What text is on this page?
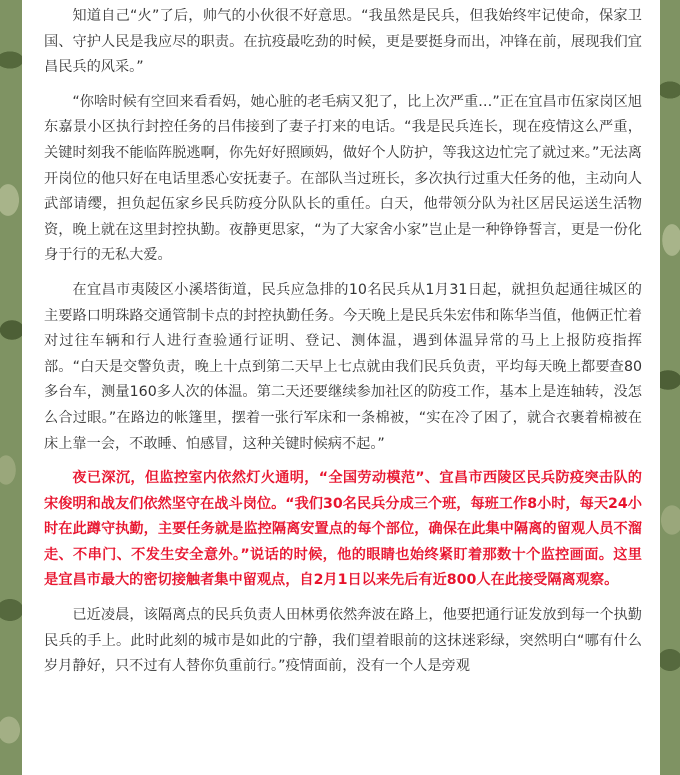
知道自己“火”了后，帅气的小伙很不好意思。“我虽然是民兵，但我始终牢记使命，保家卫国、守护人民是我应尽的职责。在抗疫最吃劲的时候，更是要挺身而出，冲锋在前，展现我们宜昌民兵的风采。”

“你啥时候有空回来看看妈，她心脏的老毛病又犯了，比上次严重…”正在宜昌市伍家岗区旭东嘉景小区执行封控任务的吕伟接到了妻子打来的电话。“我是民兵连长，现在疫情这么严重，关键时刻我不能临阵脱逃啊，你先好好照顾妈，做好个人防护，等我这边忙完了就过来。”无法离开岗位的他只好在电话里悉心安抚妻子。在部队当过班长，多次执行过重大任务的他，主动向人武部请缨，担负起伍家乡民兵防疫分队队长的重任。白天，他带领分队为社区居民运送生活物资，晚上就在这里封控执勤。夜静更思家，“为了大家舍小家”岂止是一种铮铮誓言，更是一份化身于行的无私大爱。

在宜昌市夷陵区小溪塔街道，民兵应急排的10名民兵从1月31日起，就担负起通往城区的主要路口明珠路交通管制卡点的封控执勤任务。今天晚上是民兵朱宏伟和陈华当值，他俩正忙着对过往车辆和行人进行查验通行证明、登记、测体温，遇到体温异常的马上上报防疫指挥部。“白天是交警负责，晚上十点到第二天早上七点就由我们民兵负责，平均每天晚上都要查80多台车，测量160多人次的体温。第二天还要继续参加社区的防疫工作，基本上是连轴转，没怎么合过眼。”在路边的帐篷里，摆着一张行军床和一条棉被，“实在冷了困了，就合衣裹着棉被在床上靠一会，不敢睡、怕感冒，这种关键时候病不起。”

夜已深沉，但监控室内依然灯火通明，“全国劳动模范”、宜昌市西陵区民兵防疫突击队的宋俊明和战友们依然坚守在战斗岗位。“我们30名民兵分成三个班，每班工作8小时，每天24小时在此蹲守执勤，主要任务就是监控隔离安置点的每个部位，确保在此集中隔离的留观人员不溜走、不串门、不发生安全意外。”说话的时候，他的眼睛也始终紧盯着那数十个监控画面。这里是宜昌市最大的密切接触者集中留观点，自2月1日以来先后有近800人在此接受隔离观察。

已近凌晨，该隔离点的民兵负责人田林勇依然奔波在路上，他要把通行证发放到每一个执勤民兵的手上。此时此刻的城市是如此的宁静，我们望着眼前的这抹迷彩绿，突然明白“哪有什么岁月静好，只不过有人替你负重前行。”疫情面前，没有一个人是旁观
